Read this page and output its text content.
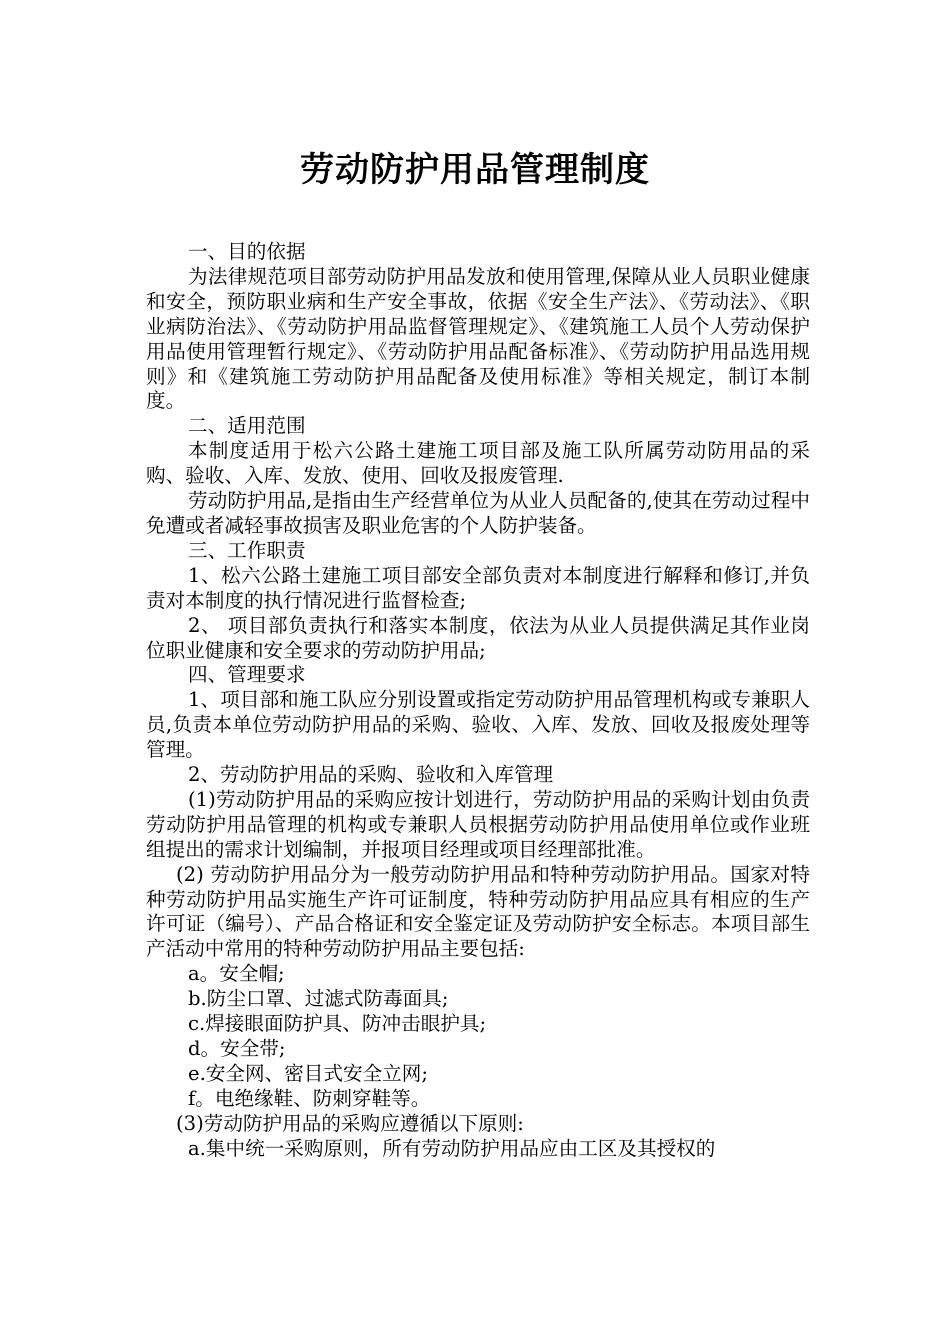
劳动防护用品管理制度

一、目的依据

为法律规范项目部劳动防护用品发放和使用管理,保障从业人员职业健康和安全，预防职业病和生产安全事故，依据《安全生产法》、《劳动法》、《职业病防治法》、《劳动防护用品监督管理规定》、《建筑施工人员个人劳动保护用品使用管理暂行规定》、《劳动防护用品配备标准》、《劳动防护用品选用规则》和《建筑施工劳动防护用品配备及使用标准》等相关规定，制订本制度。

二、适用范围

本制度适用于松六公路土建施工项目部及施工队所属劳动防用品的采购、验收、入库、发放、使用、回收及报废管理.

劳动防护用品,是指由生产经营单位为从业人员配备的,使其在劳动过程中免遭或者减轻事故损害及职业危害的个人防护装备。

三、工作职责

1、松六公路土建施工项目部安全部负责对本制度进行解释和修订,并负责对本制度的执行情况进行监督检查;

2、 项目部负责执行和落实本制度，依法为从业人员提供满足其作业岗位职业健康和安全要求的劳动防护用品;

四、管理要求

1、项目部和施工队应分别设置或指定劳动防护用品管理机构或专兼职人员,负责本单位劳动防护用品的采购、验收、入库、发放、回收及报废处理等管理。

2、劳动防护用品的采购、验收和入库管理

(1)劳动防护用品的采购应按计划进行，劳动防护用品的采购计划由负责劳动防护用品管理的机构或专兼职人员根据劳动防护用品使用单位或作业班组提出的需求计划编制，并报项目经理或项目经理部批准。

(2) 劳动防护用品分为一般劳动防护用品和特种劳动防护用品。国家对特种劳动防护用品实施生产许可证制度，特种劳动防护用品应具有相应的生产许可证（编号）、产品合格证和安全鉴定证及劳动防护安全标志。本项目部生产活动中常用的特种劳动防护用品主要包括:

a。安全帽;

b.防尘口罩、过滤式防毒面具;

c.焊接眼面防护具、防冲击眼护具;

d。安全带;

e.安全网、密目式安全立网;

f。电绝缘鞋、防刺穿鞋等。

(3)劳动防护用品的采购应遵循以下原则:

a.集中统一采购原则，所有劳动防护用品应由工区及其授权的
